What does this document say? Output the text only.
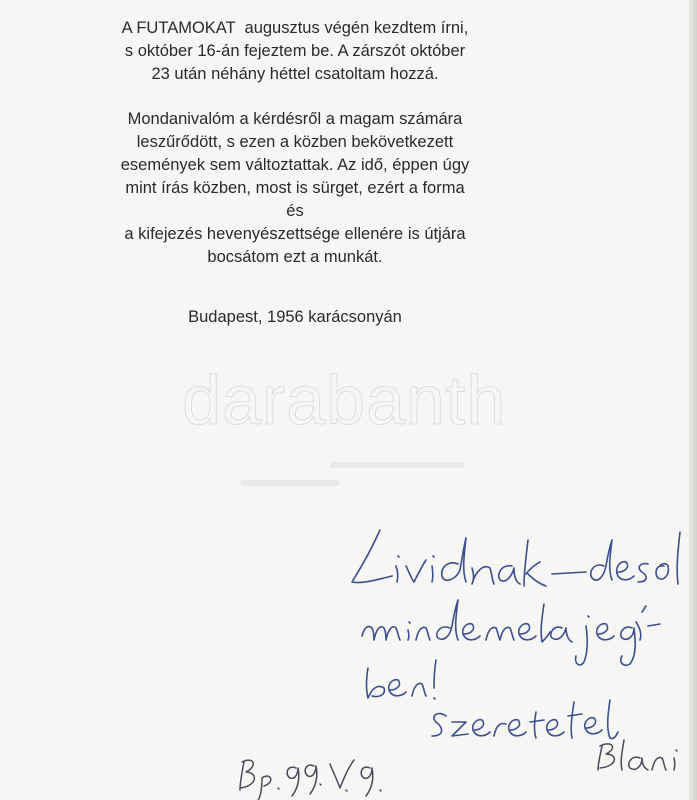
A FUTAMOKAT  augusztus végén kezdtem írni,
s október 16-án fejeztem be. A zárszót október
23 után néhány héttel csatoltam hozzá.
Mondanivalóm a kérdésről a magam számára
leszűrődött, s ezen a közben bekövetkezett
események sem változtattak. Az idő, éppen úgy
mint írás közben, most is sürget, ezért a forma
és
a kifejezés hevenyészettsége ellenére is útjára
bocsátom ezt a munkát.
Budapest, 1956 karácsonyán
darabanth
